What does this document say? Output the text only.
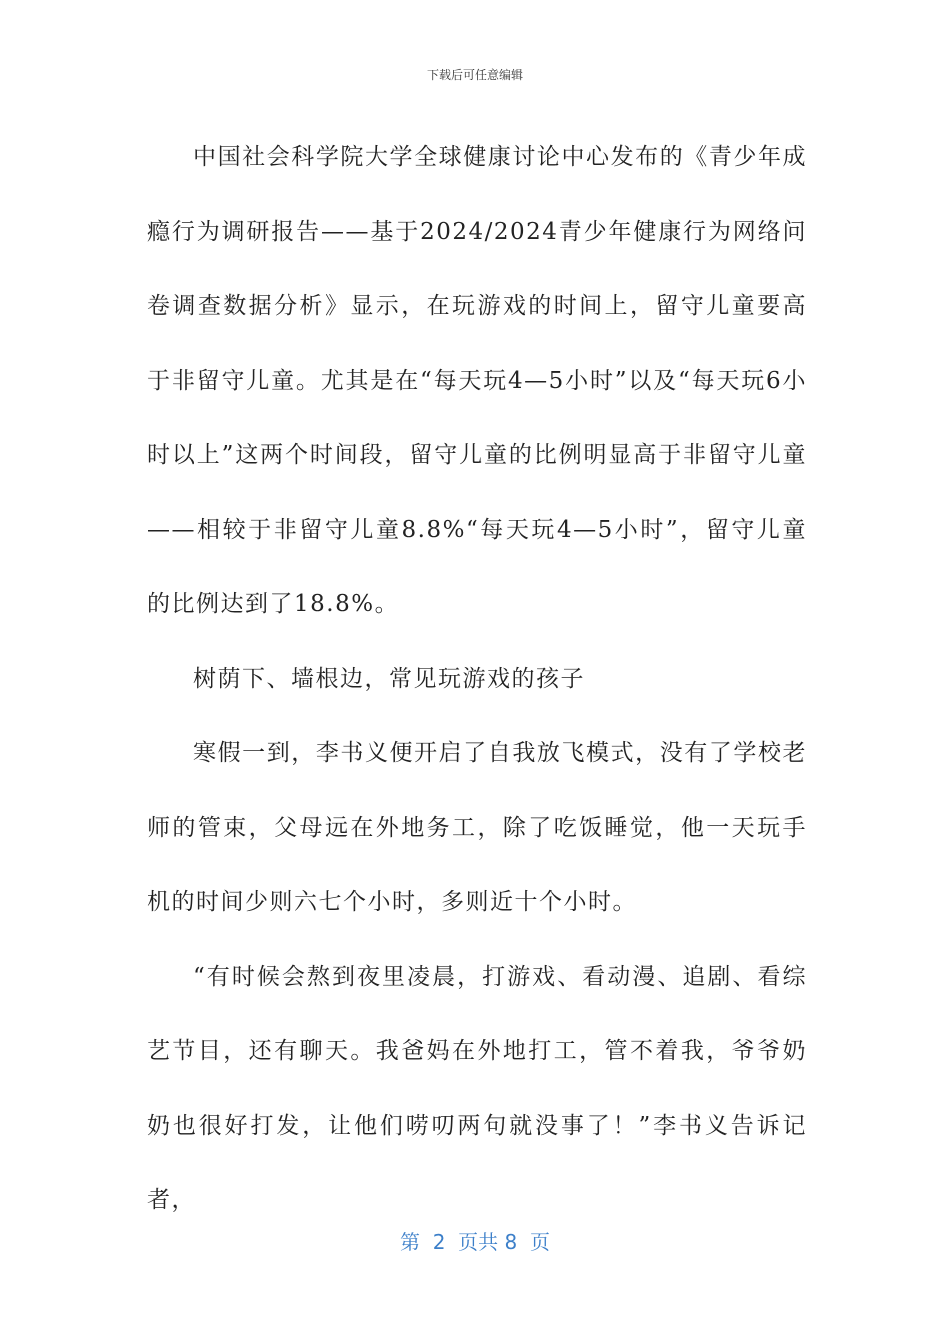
下载后可任意编辑

中国社会科学院大学全球健康讨论中心发布的《青少年成瘾行为调研报告——基于2024/2024青少年健康行为网络问卷调查数据分析》显示，在玩游戏的时间上，留守儿童要高于非留守儿童。尤其是在“每天玩4—5小时”以及“每天玩6小时以上”这两个时间段，留守儿童的比例明显高于非留守儿童——相较于非留守儿童8.8%“每天玩4—5小时”，留守儿童的比例达到了18.8%。

树荫下、墙根边，常见玩游戏的孩子

寒假一到，李书义便开启了自我放飞模式，没有了学校老师的管束，父母远在外地务工，除了吃饭睡觉，他一天玩手机的时间少则六七个小时，多则近十个小时。

“有时候会熬到夜里凌晨，打游戏、看动漫、追剧、看综艺节目，还有聊天。我爸妈在外地打工，管不着我，爷爷奶奶也很好打发，让他们唠叨两句就没事了！”李书义告诉记者，

第  2  页共 8  页
